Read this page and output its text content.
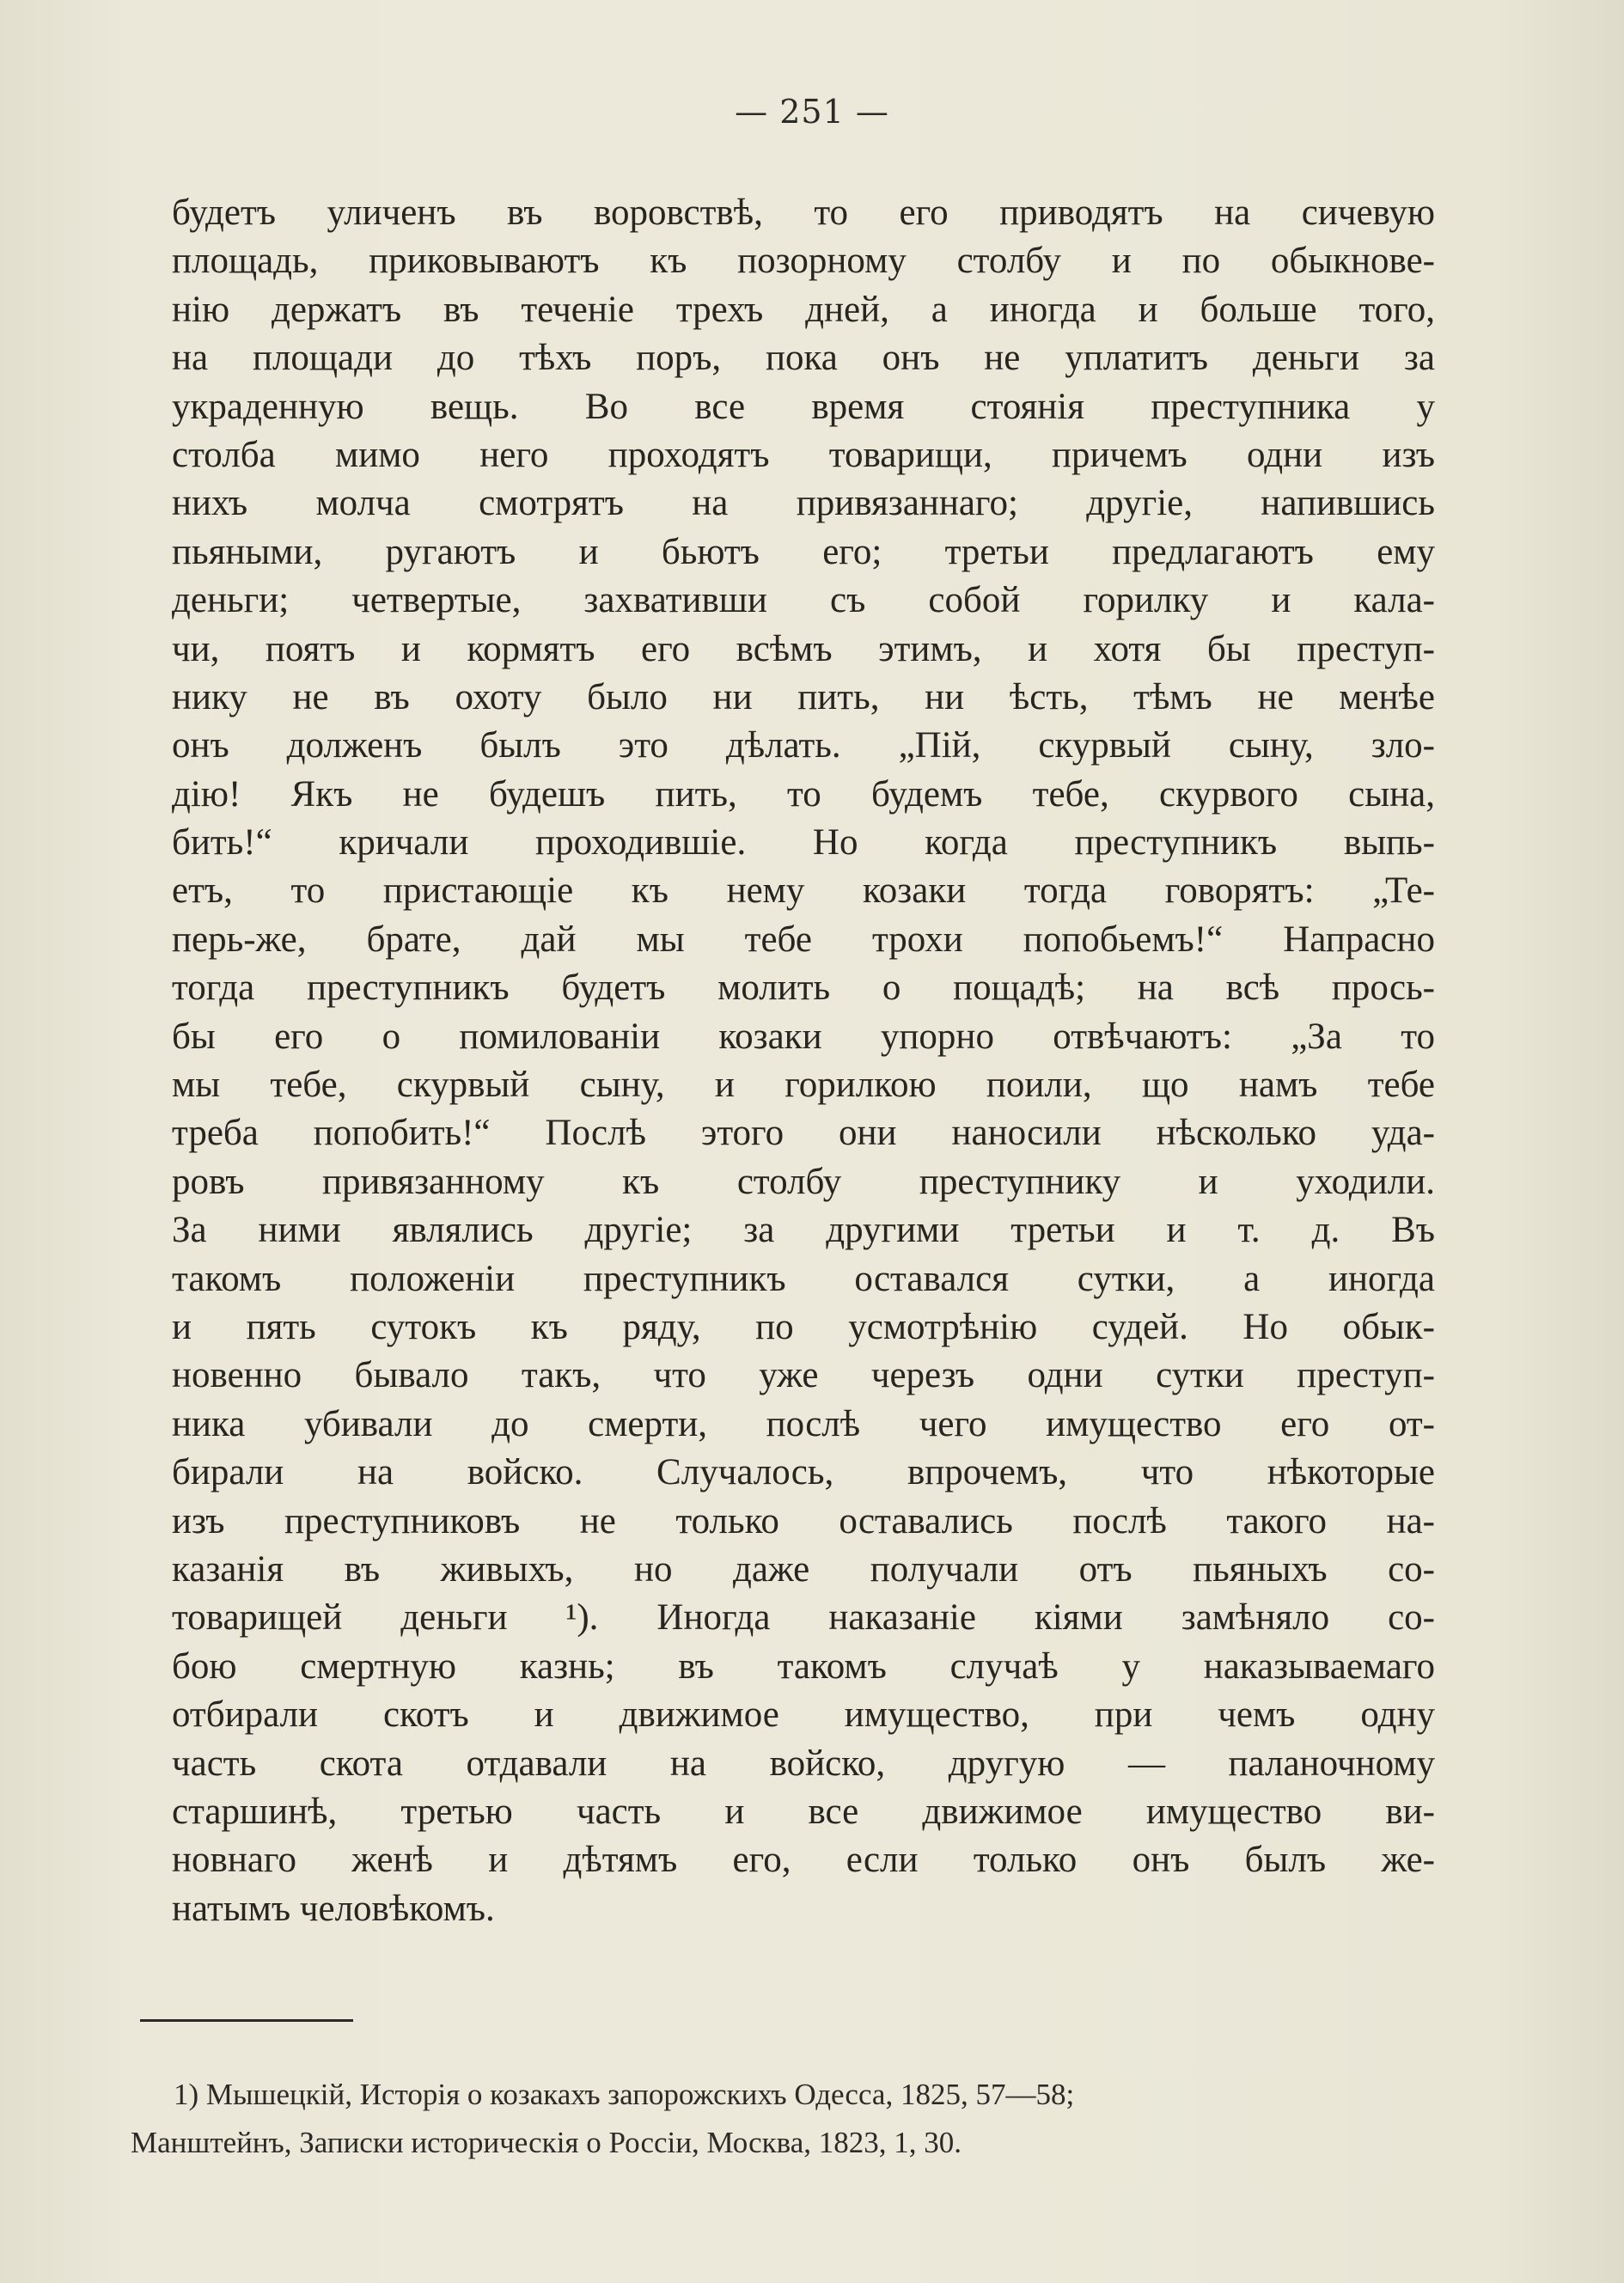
— 251 —
будетъ уличенъ въ воровствѣ, то его приводятъ на сичевую
площадь, приковываютъ къ позорному столбу и по обыкнове-
нію держатъ въ теченіе трехъ дней, а иногда и больше того,
на площади до тѣхъ поръ, пока онъ не уплатитъ деньги за
украденную вещь. Во все время стоянія преступника у
столба мимо него проходятъ товарищи, причемъ одни изъ
нихъ молча смотрятъ на привязаннаго; другіе, напившись
пьяными, ругаютъ и бьютъ его; третьи предлагаютъ ему
деньги; четвертые, захвативши съ собой горилку и кала-
чи, поятъ и кормятъ его всѣмъ этимъ, и хотя бы преступ-
нику не въ охоту было ни пить, ни ѣсть, тѣмъ не менѣе
онъ долженъ былъ это дѣлать. „Пій, скурвый сыну, зло-
дію! Якъ не будешъ пить, то будемъ тебе, скурвого сына,
бить!“ кричали проходившіе. Но когда преступникъ выпь-
етъ, то пристающіе къ нему козаки тогда говорятъ: „Те-
перь-же, брате, дай мы тебе трохи попобьемъ!“ Напрасно
тогда преступникъ будетъ молить о пощадѣ; на всѣ прось-
бы его о помилованіи козаки упорно отвѣчаютъ: „За то
мы тебе, скурвый сыну, и горилкою поили, що намъ тебе
треба попобить!“ Послѣ этого они наносили нѣсколько уда-
ровъ привязанному къ столбу преступнику и уходили.
За ними являлись другіе; за другими третьи и т. д. Въ
такомъ положеніи преступникъ оставался сутки, а иногда
и пять сутокъ къ ряду, по усмотрѣнію судей. Но обык-
новенно бывало такъ, что уже черезъ одни сутки преступ-
ника убивали до смерти, послѣ чего имущество его от-
бирали на войско. Случалось, впрочемъ, что нѣкоторые
изъ преступниковъ не только оставались послѣ такого на-
казанія въ живыхъ, но даже получали отъ пьяныхъ со-
товарищей деньги ¹). Иногда наказаніе кіями замѣняло со-
бою смертную казнь; въ такомъ случаѣ у наказываемаго
отбирали скотъ и движимое имущество, при чемъ одну
часть скота отдавали на войско, другую — паланочному
старшинѣ, третью часть и все движимое имущество ви-
новнаго женѣ и дѣтямъ его, если только онъ былъ же-
натымъ человѣкомъ.
1) Мышецкій, Исторія о козакахъ запорожскихъ Одесса, 1825, 57—58;
Манштейнъ, Записки историческія о Россіи, Москва, 1823, 1, 30.
